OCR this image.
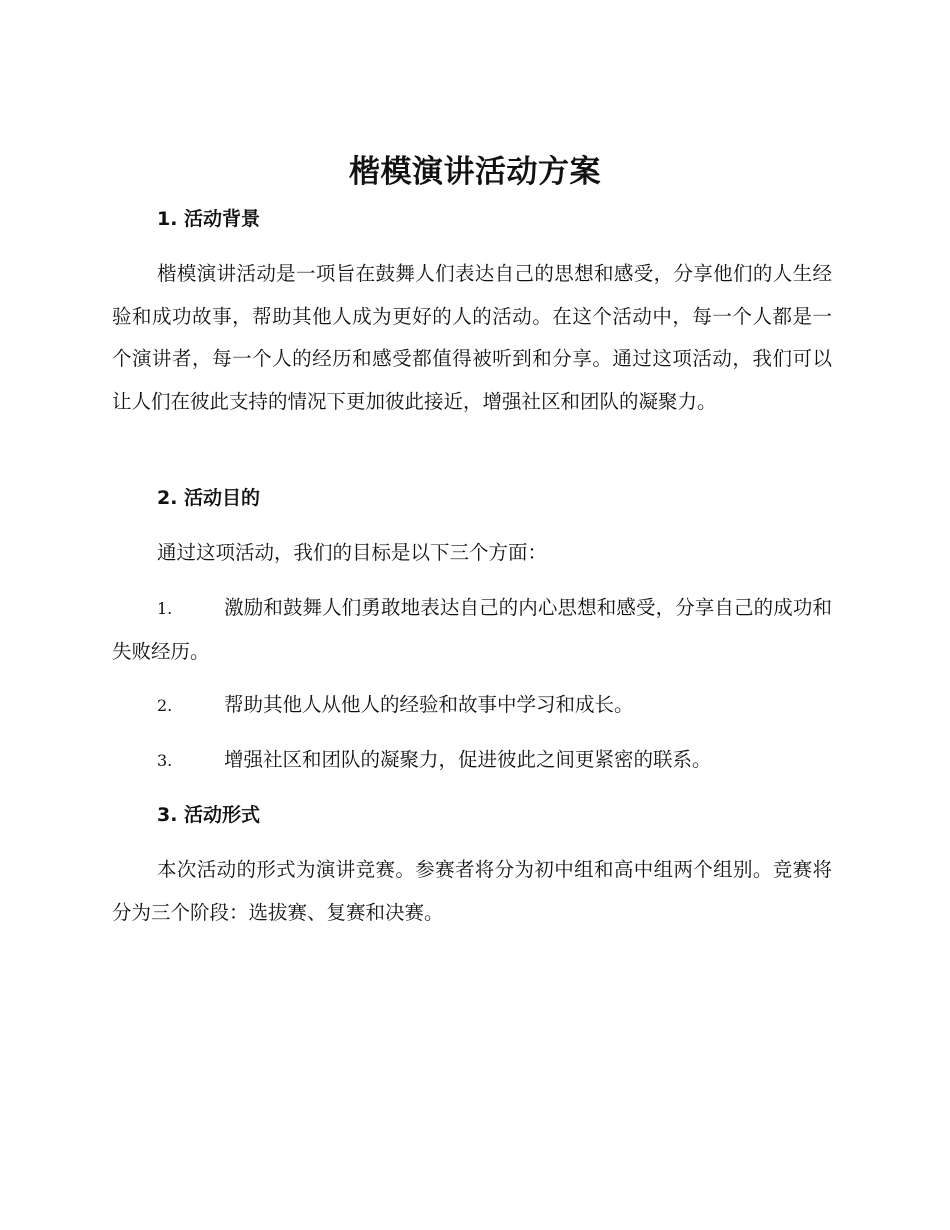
楷模演讲活动方案
1. 活动背景

楷模演讲活动是一项旨在鼓舞人们表达自己的思想和感受，分享他们的人生经验和成功故事，帮助其他人成为更好的人的活动。在这个活动中，每一个人都是一个演讲者，每一个人的经历和感受都值得被听到和分享。通过这项活动，我们可以让人们在彼此支持的情况下更加彼此接近，增强社区和团队的凝聚力。

2. 活动目的

通过这项活动，我们的目标是以下三个方面：

1.	激励和鼓舞人们勇敢地表达自己的内心思想和感受，分享自己的成功和失败经历。

2.	帮助其他人从他人的经验和故事中学习和成长。

3.	增强社区和团队的凝聚力，促进彼此之间更紧密的联系。

3. 活动形式

本次活动的形式为演讲竞赛。参赛者将分为初中组和高中组两个组别。竞赛将分为三个阶段：选拔赛、复赛和决赛。
